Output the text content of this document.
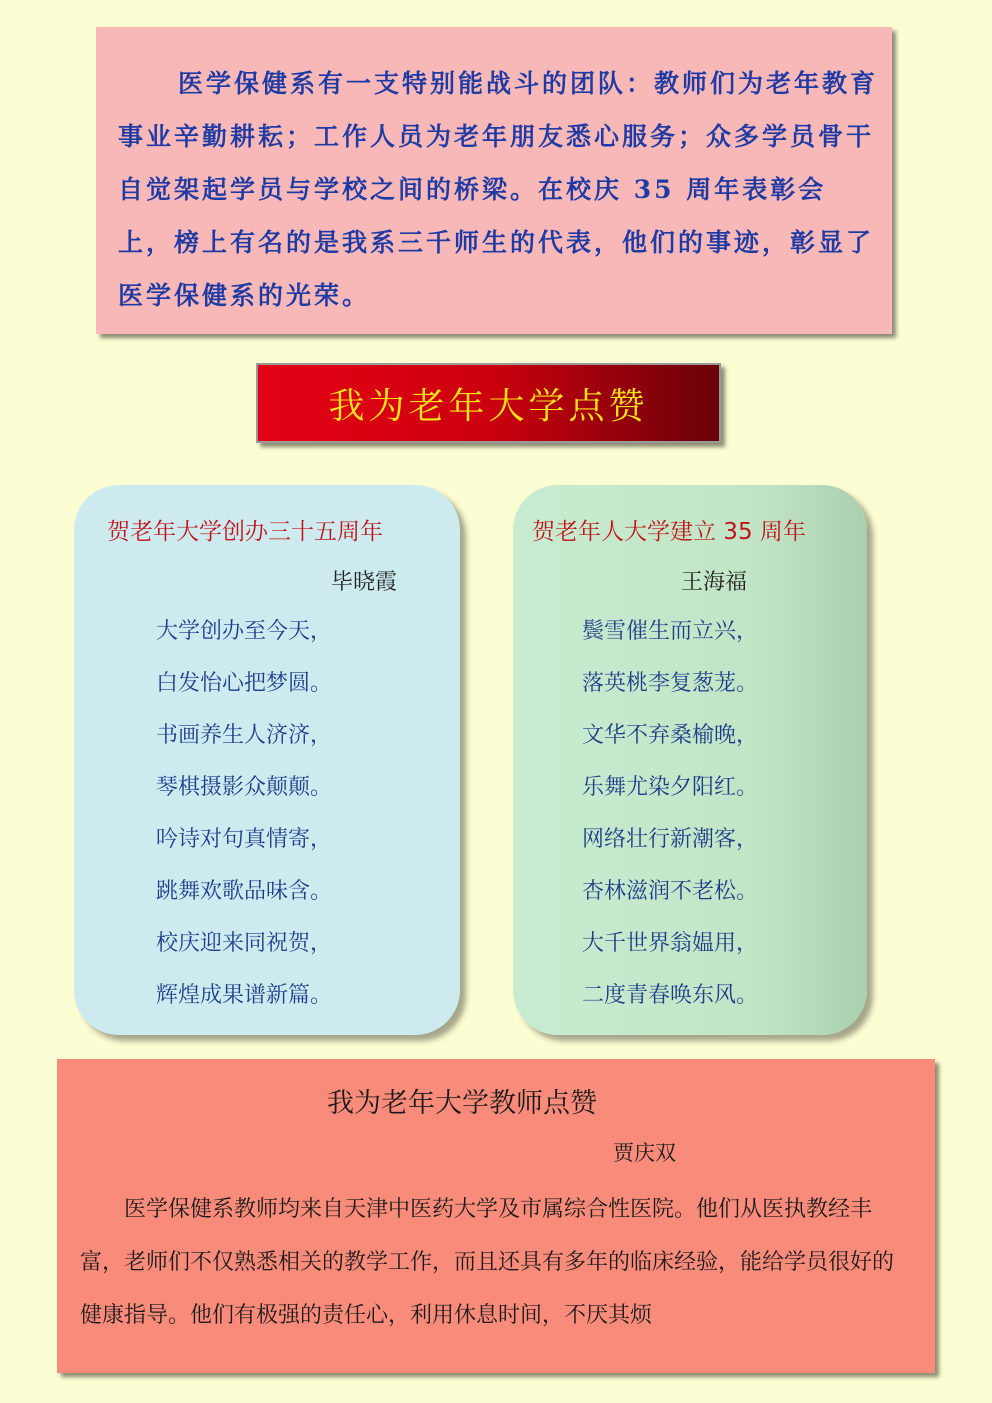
医学保健系有一支特别能战斗的团队：教师们为老年教育事业辛勤耕耘；工作人员为老年朋友悉心服务；众多学员骨干自觉架起学员与学校之间的桥梁。在校庆 35 周年表彰会上，榜上有名的是我系三千师生的代表，他们的事迹，彰显了医学保健系的光荣。

我为老年大学点赞
贺老年大学创办三十五周年
毕晓霞
大学创办至今天，
白发怡心把梦圆。
书画养生人济济，
琴棋摄影众颠颠。
吟诗对句真情寄，
跳舞欢歌品味含。
校庆迎来同祝贺，
辉煌成果谱新篇。
贺老年人大学建立 35 周年
王海福
鬓雪催生而立兴，
落英桃李复葱茏。
文华不弃桑榆晚，
乐舞尤染夕阳红。
网络壮行新潮客，
杏林滋润不老松。
大千世界翁媪用，
二度青春唤东风。
我为老年大学教师点赞
贾庆双

医学保健系教师均来自天津中医药大学及市属综合性医院。他们从医执教经丰富，老师们不仅熟悉相关的教学工作，而且还具有多年的临床经验，能给学员很好的健康指导。他们有极强的责任心，利用休息时间，不厌其烦
